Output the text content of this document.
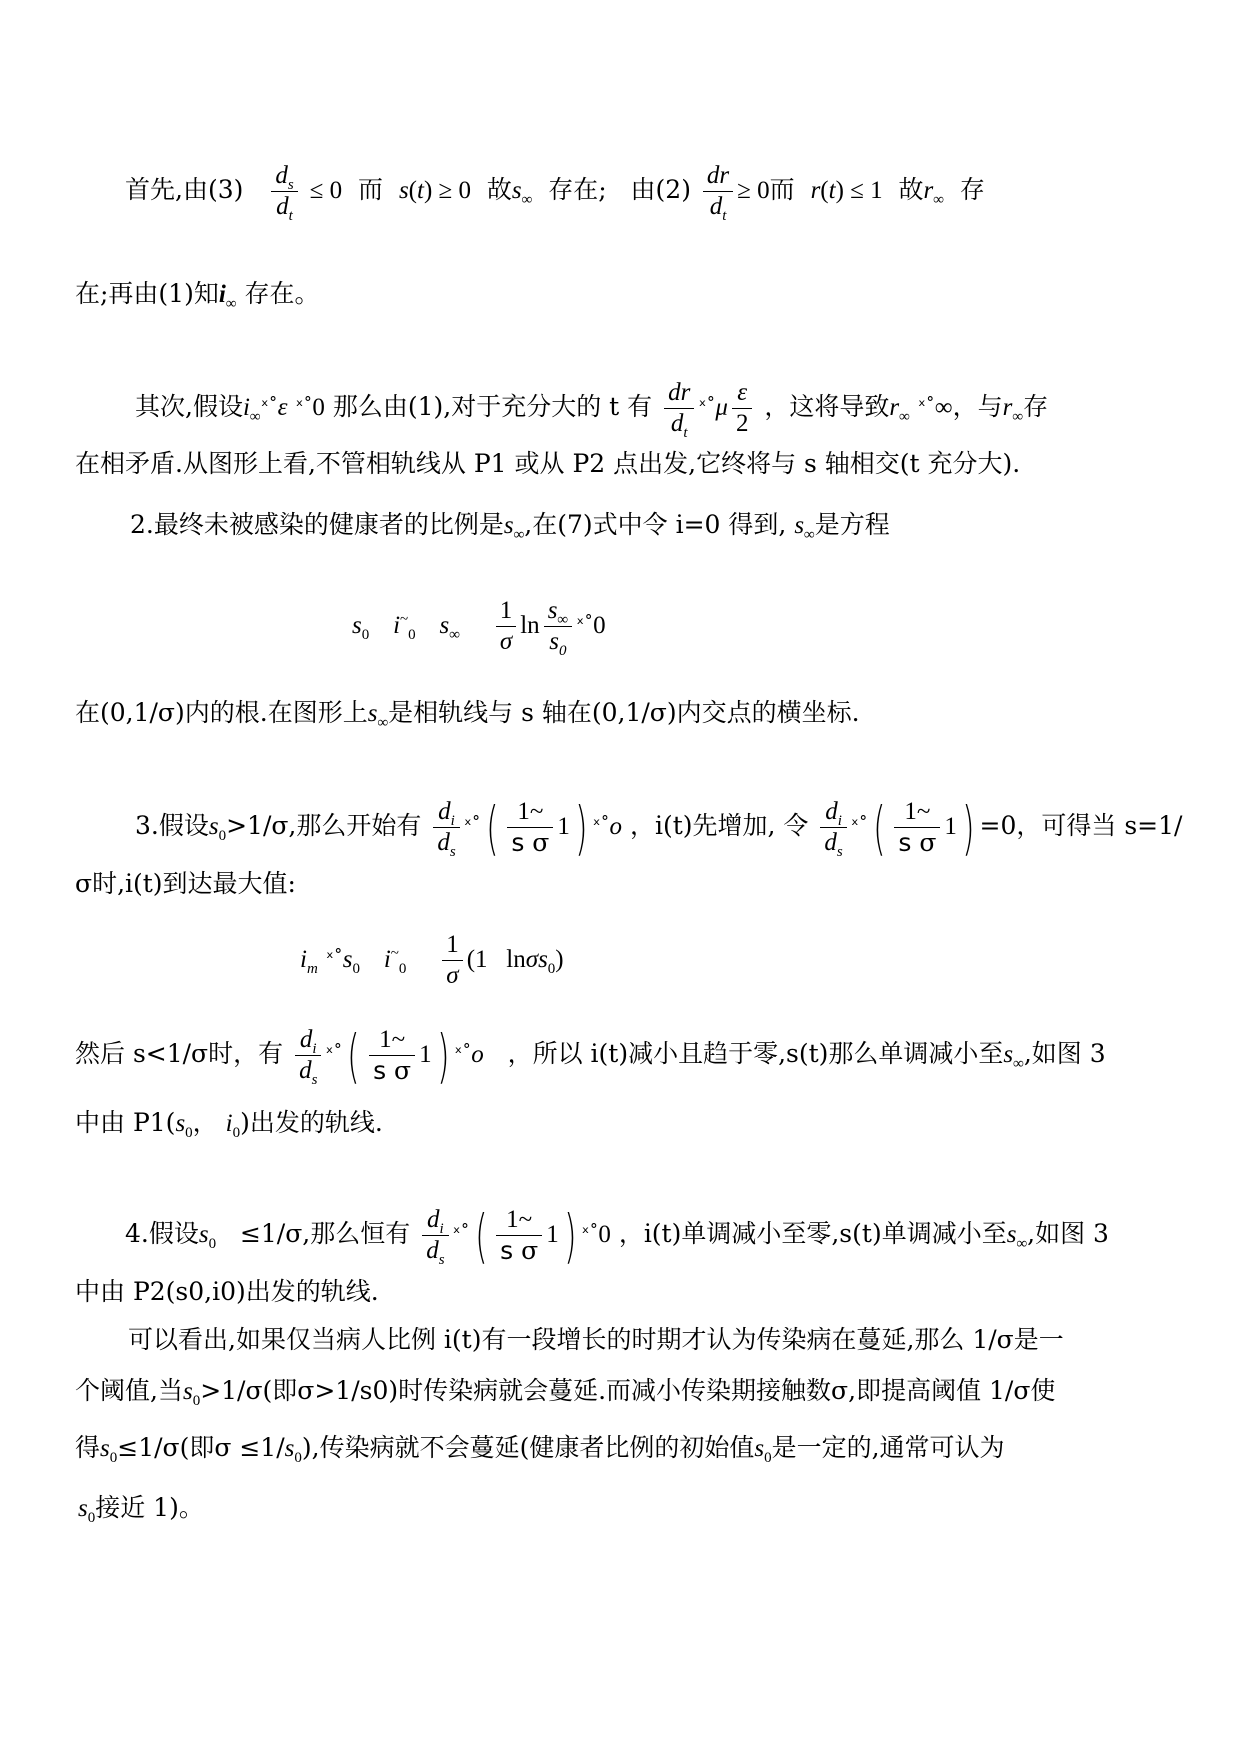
首先,由$(3) \frac{d_s}{d_t} \le 0$ 而 s(t) ≥ 0 故$s_\infty$ 存在; 由$(2) \frac{dr}{d_t} \ge 0$而 r(t) ≤ 1 故$r_\infty$ 存
在;再由(1)知$i_\infty$ 存在。
其次,假设$i_\infty ˣ˚\varepsilon$ ˣ˚0 那么由(1),对于充分大的 t 有 $\frac{dr}{d_t}$ ˣ˚μ $\frac{\varepsilon}{2}$ ，这将导致$r_\infty$ ˣ˚∞，与$r_\infty$存
在相矛盾.从图形上看,不管相轨线从 P1 或从 P2 点出发,它终将与 s 轴相交(t 充分大).
2.最终未被感染的健康者的比例是$s_\infty$,在(7)式中令 i=0 得到, $s_\infty$是方程
$s_0$ $i^\sim_0$ $s_\infty \frac{1}{\sigma}$ $\ln \frac{s_\infty}{s_0}$ ˣ˚0
在(0,1/σ)内的根.在图形上$s_\infty$是相轨线与 s 轴在(0,1/σ)内交点的横坐标.
3.假设$s_0>1/\sigma$,那么开始有 $\frac{d_i}{d_s}$ ˣ˚( $\frac{1\sim}{\text{s σ}} 1$) ˣ˚o ，i(t)先增加, 令 $\frac{d_i}{d_s}$ ˣ˚( $\frac{1\sim}{\text{s σ}} 1) =0$，可得当 s=1/
σ时,i(t)到达最大值:
$i_m$ $ˣ˚s_0$ $i^\sim_0 \frac{1}{\sigma} (1$   lnσs$_0$)
然后 s<1/σ时，有 $\frac{d_i}{d_s}$ ˣ˚( $\frac{1\sim}{\text{s σ}} 1$) ˣ˚o ，所以 i(t)减小且趋于零,s(t)那么单调减小至$s_\infty$,如图 3
中由 $P1(s_0$， $i_0$)出发的轨线.
4.假设$s_0 \le 1/\sigma$,那么恒有 $\frac{d_i}{d_s}$ ˣ˚( $\frac{1\sim}{\text{s σ}} 1$) ˣ˚0 ，i(t)单调减小至零,s(t)单调减小至$s_\infty$,如图 3
中由 P2(s0,i0)出发的轨线.
可以看出,如果仅当病人比例 i(t)有一段增长的时期才认为传染病在蔓延,那么 1/σ是一
个阈值,当$s_0>1/\sigma$(即σ>1/s0)时传染病就会蔓延.而减小传染期接触数σ,即提高阈值 1/σ使
得$s_0\le 1/\sigma$(即$\sigma \le 1/s_0$),传染病就不会蔓延(健康者比例的初始值$s_0$是一定的,通常可认为
$s_0$接近 1)。
